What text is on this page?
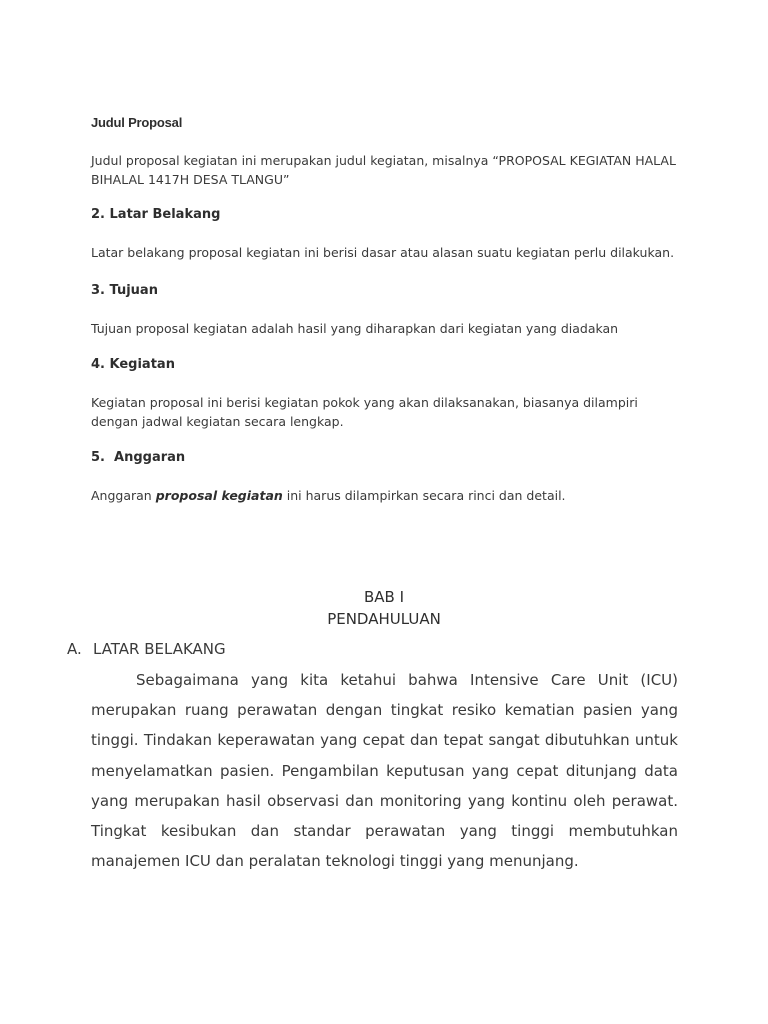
Judul Proposal

Judul proposal kegiatan ini merupakan judul kegiatan, misalnya “PROPOSAL KEGIATAN HALAL BIHALAL 1417H DESA TLANGU”

2. Latar Belakang

Latar belakang proposal kegiatan ini berisi dasar atau alasan suatu kegiatan perlu dilakukan.

3. Tujuan

Tujuan proposal kegiatan adalah hasil yang diharapkan dari kegiatan yang diadakan

4. Kegiatan

Kegiatan proposal ini berisi kegiatan pokok yang akan dilaksanakan, biasanya dilampiri dengan jadwal kegiatan secara lengkap.

5.  Anggaran

Anggaran proposal kegiatan ini harus dilampirkan secara rinci dan detail.

BAB I
PENDAHULUAN
A. LATAR BELAKANG

Sebagaimana yang kita ketahui bahwa Intensive Care Unit (ICU) merupakan ruang perawatan dengan tingkat resiko kematian pasien yang tinggi. Tindakan keperawatan yang cepat dan tepat sangat dibutuhkan untuk menyelamatkan pasien. Pengambilan keputusan yang cepat ditunjang data yang merupakan hasil observasi dan monitoring yang kontinu oleh perawat. Tingkat kesibukan dan standar perawatan yang tinggi membutuhkan manajemen ICU dan peralatan teknologi tinggi yang menunjang.
